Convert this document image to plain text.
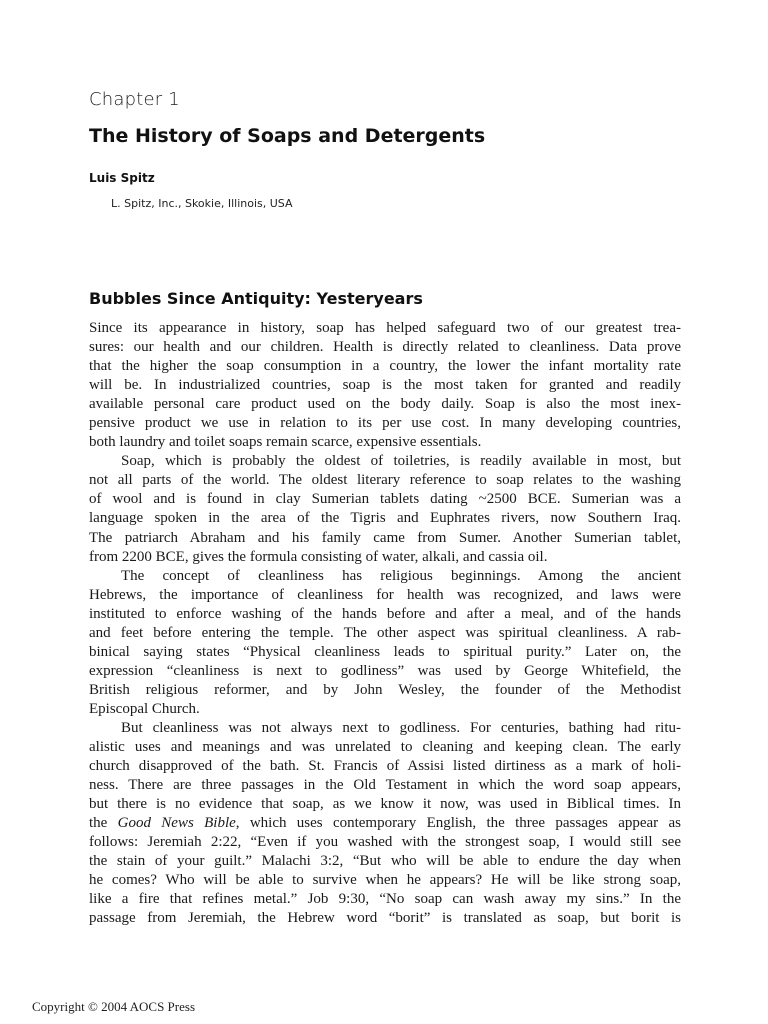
Chapter 1
The History of Soaps and Detergents
Luis Spitz
L. Spitz, Inc., Skokie, Illinois, USA
Bubbles Since Antiquity: Yesteryears

Since its appearance in history, soap has helped safeguard two of our greatest trea-
sures: our health and our children. Health is directly related to cleanliness. Data prove
that the higher the soap consumption in a country, the lower the infant mortality rate
will be. In industrialized countries, soap is the most taken for granted and readily
available personal care product used on the body daily. Soap is also the most inex-
pensive product we use in relation to its per use cost. In many developing countries,
both laundry and toilet soaps remain scarce, expensive essentials.

Soap, which is probably the oldest of toiletries, is readily available in most, but
not all parts of the world. The oldest literary reference to soap relates to the washing
of wool and is found in clay Sumerian tablets dating ~2500 BCE. Sumerian was a
language spoken in the area of the Tigris and Euphrates rivers, now Southern Iraq.
The patriarch Abraham and his family came from Sumer. Another Sumerian tablet,
from 2200 BCE, gives the formula consisting of water, alkali, and cassia oil.

The concept of cleanliness has religious beginnings. Among the ancient
Hebrews, the importance of cleanliness for health was recognized, and laws were
instituted to enforce washing of the hands before and after a meal, and of the hands
and feet before entering the temple. The other aspect was spiritual cleanliness. A rab-
binical saying states “Physical cleanliness leads to spiritual purity.” Later on, the
expression “cleanliness is next to godliness” was used by George Whitefield, the
British religious reformer, and by John Wesley, the founder of the Methodist
Episcopal Church.

But cleanliness was not always next to godliness. For centuries, bathing had ritu-
alistic uses and meanings and was unrelated to cleaning and keeping clean. The early
church disapproved of the bath. St. Francis of Assisi listed dirtiness as a mark of holi-
ness. There are three passages in the Old Testament in which the word soap appears,
but there is no evidence that soap, as we know it now, was used in Biblical times. In
the Good News Bible, which uses contemporary English, the three passages appear as
follows: Jeremiah 2:22, “Even if you washed with the strongest soap, I would still see
the stain of your guilt.” Malachi 3:2, “But who will be able to endure the day when
he comes? Who will be able to survive when he appears? He will be like strong soap,
like a fire that refines metal.” Job 9:30, “No soap can wash away my sins.” In the
passage from Jeremiah, the Hebrew word “borit” is translated as soap, but borit is

Copyright © 2004 AOCS Press
